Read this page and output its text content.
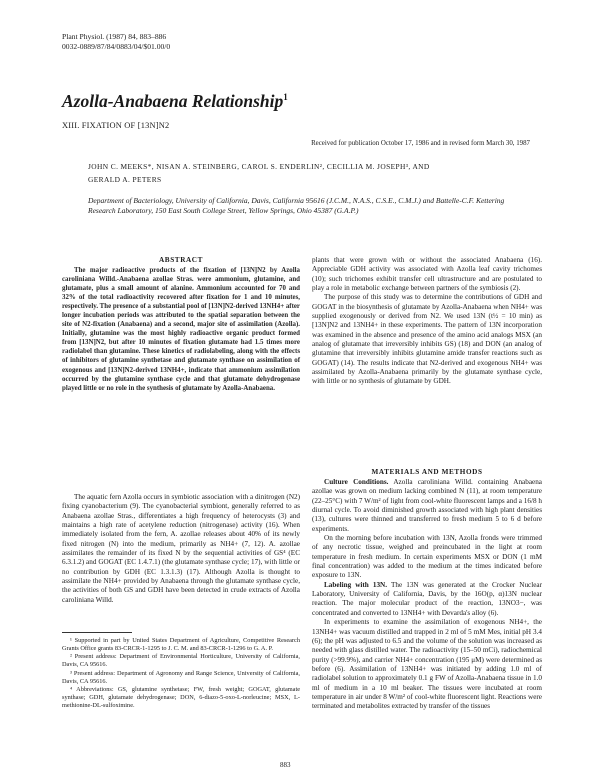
Plant Physiol. (1987) 84, 883–886
0032-0889/87/84/0883/04/$01.00/0
Azolla-Anabaena Relationship$^1$
XIII. FIXATION OF [13N]N2
Received for publication October 17, 1986 and in revised form March 30, 1987
JOHN C. MEEKS*, NISAN A. STEINBERG, CAROL S. ENDERLIN², CECILLIA M. JOSEPH³, AND
GERALD A. PETERS
Department of Bacteriology, University of California, Davis, California 95616 (J.C.M., N.A.S., C.S.E., C.M.J.) and Battelle-C.F. Kettering Research Laboratory, 150 East South College Street, Yellow Springs, Ohio 45387 (G.A.P.)
ABSTRACT

The major radioactive products of the fixation of [13N]N2 by Azolla caroliniana Willd.-Anabaena azollae Stras. were ammonium, glutamine, and glutamate, plus a small amount of alanine. Ammonium accounted for 70 and 32% of the total radioactivity recovered after fixation for 1 and 10 minutes, respectively. The presence of a substantial pool of [13N]N2-derived 13NH4+ after longer incubation periods was attributed to the spatial separation between the site of N2-fixation (Anabaena) and a second, major site of assimilation (Azolla). Initially, glutamine was the most highly radioactive organic product formed from [13N]N2, but after 10 minutes of fixation glutamate had 1.5 times more radiolabel than glutamine. These kinetics of radiolabeling, along with the effects of inhibitors of glutamine synthetase and glutamate synthase on assimilation of exogenous and [13N]N2-derived 13NH4+, indicate that ammonium assimilation occurred by the glutamine synthase cycle and that glutamate dehydrogenase played little or no role in the synthesis of glutamate by Azolla-Anabaena.

plants that were grown with or without the associated Anabaena (16). Appreciable GDH activity was associated with Azolla leaf cavity trichomes (10); such trichomes exhibit transfer cell ultrastructure and are postulated to play a role in metabolic exchange between partners of the symbiosis (2).

The purpose of this study was to determine the contributions of GDH and GOGAT in the biosynthesis of glutamate by Azolla-Anabaena when NH4+ was supplied exogenously or derived from N2. We used 13N (t½ = 10 min) as [13N]N2 and 13NH4+ in these experiments. The pattern of 13N incorporation was examined in the absence and presence of the amino acid analogs MSX (an analog of glutamate that irreversibly inhibits GS) (18) and DON (an analog of glutamine that irreversibly inhibits glutamine amide transfer reactions such as GOGAT) (14). The results indicate that N2-derived and exogenous NH4+ was assimilated by Azolla-Anabaena primarily by the glutamate synthase cycle, with little or no synthesis of glutamate by GDH.

MATERIALS AND METHODS

Culture Conditions. Azolla caroliniana Willd. containing Anabaena azollae was grown on medium lacking combined N (11), at room temperature (22–25°C) with 7 W/m² of light from cool-white fluorescent lamps and a 16/8 h diurnal cycle. To avoid diminished growth associated with high plant densities (13), cultures were thinned and transferred to fresh medium 5 to 6 d before experiments.

On the morning before incubation with 13N, Azolla fronds were trimmed of any necrotic tissue, weighed and preincubated in the light at room temperature in fresh medium. In certain experiments MSX or DON (1 mM final concentration) was added to the medium at the times indicated before exposure to 13N.

Labeling with 13N. The 13N was generated at the Crocker Nuclear Laboratory, University of California, Davis, by the 16O(p, α)13N nuclear reaction. The major molecular product of the reaction, 13NO3−, was concentrated and converted to 13NH4+ with Devarda's alloy (6).

In experiments to examine the assimilation of exogenous NH4+, the 13NH4+ was vacuum distilled and trapped in 2 ml of 5 mM Mes, initial pH 3.4 (6); the pH was adjusted to 6.5 and the volume of the solution was increased as needed with glass distilled water. The radioactivity (15–50 mCi), radiochemical purity (>99.9%), and carrier NH4+ concentration (195 μM) were determined as before (6). Assimilation of 13NH4+ was initiated by adding 1.0 ml of radiolabel solution to approximately 0.1 g FW of Azolla-Anabaena tissue in 1.0 ml of medium in a 10 ml beaker. The tissues were incubated at room temperature in air under 8 W/m² of cool-white fluorescent light. Reactions were terminated and metabolites extracted by transfer of the tissues

The aquatic fern Azolla occurs in symbiotic association with a dinitrogen (N2) fixing cyanobacterium (9). The cyanobacterial symbiont, generally referred to as Anabaena azollae Stras., differentiates a high frequency of heterocysts (3) and maintains a high rate of acetylene reduction (nitrogenase) activity (16). When immediately isolated from the fern, A. azollae releases about 40% of its newly fixed nitrogen (N) into the medium, primarily as NH4+ (7, 12). A. azollae assimilates the remainder of its fixed N by the sequential activities of GS⁴ (EC 6.3.1.2) and GOGAT (EC 1.4.7.1) (the glutamate synthase cycle; 17), with little or no contribution by GDH (EC 1.3.1.3) (17). Although Azolla is thought to assimilate the NH4+ provided by Anabaena through the glutamate synthase cycle, the activities of both GS and GDH have been detected in crude extracts of Azolla caroliniana Willd.

¹ Supported in part by United States Department of Agriculture, Competitive Research Grants Office grants 83-CRCR-1-1295 to J. C. M. and 83-CRCR-1-1296 to G. A. P.

² Present address: Department of Environmental Horticulture, University of California, Davis, CA 95616.

³ Present address: Department of Agronomy and Range Science, University of California, Davis, CA 95616.

⁴ Abbreviations: GS, glutamine synthetase; FW, fresh weight; GOGAT, glutamate synthase; GDH, glutamate dehydrogenase; DON, 6-diazo-5-oxo-L-norleucine; MSX, L-methionine-DL-sulfoximine.

883
